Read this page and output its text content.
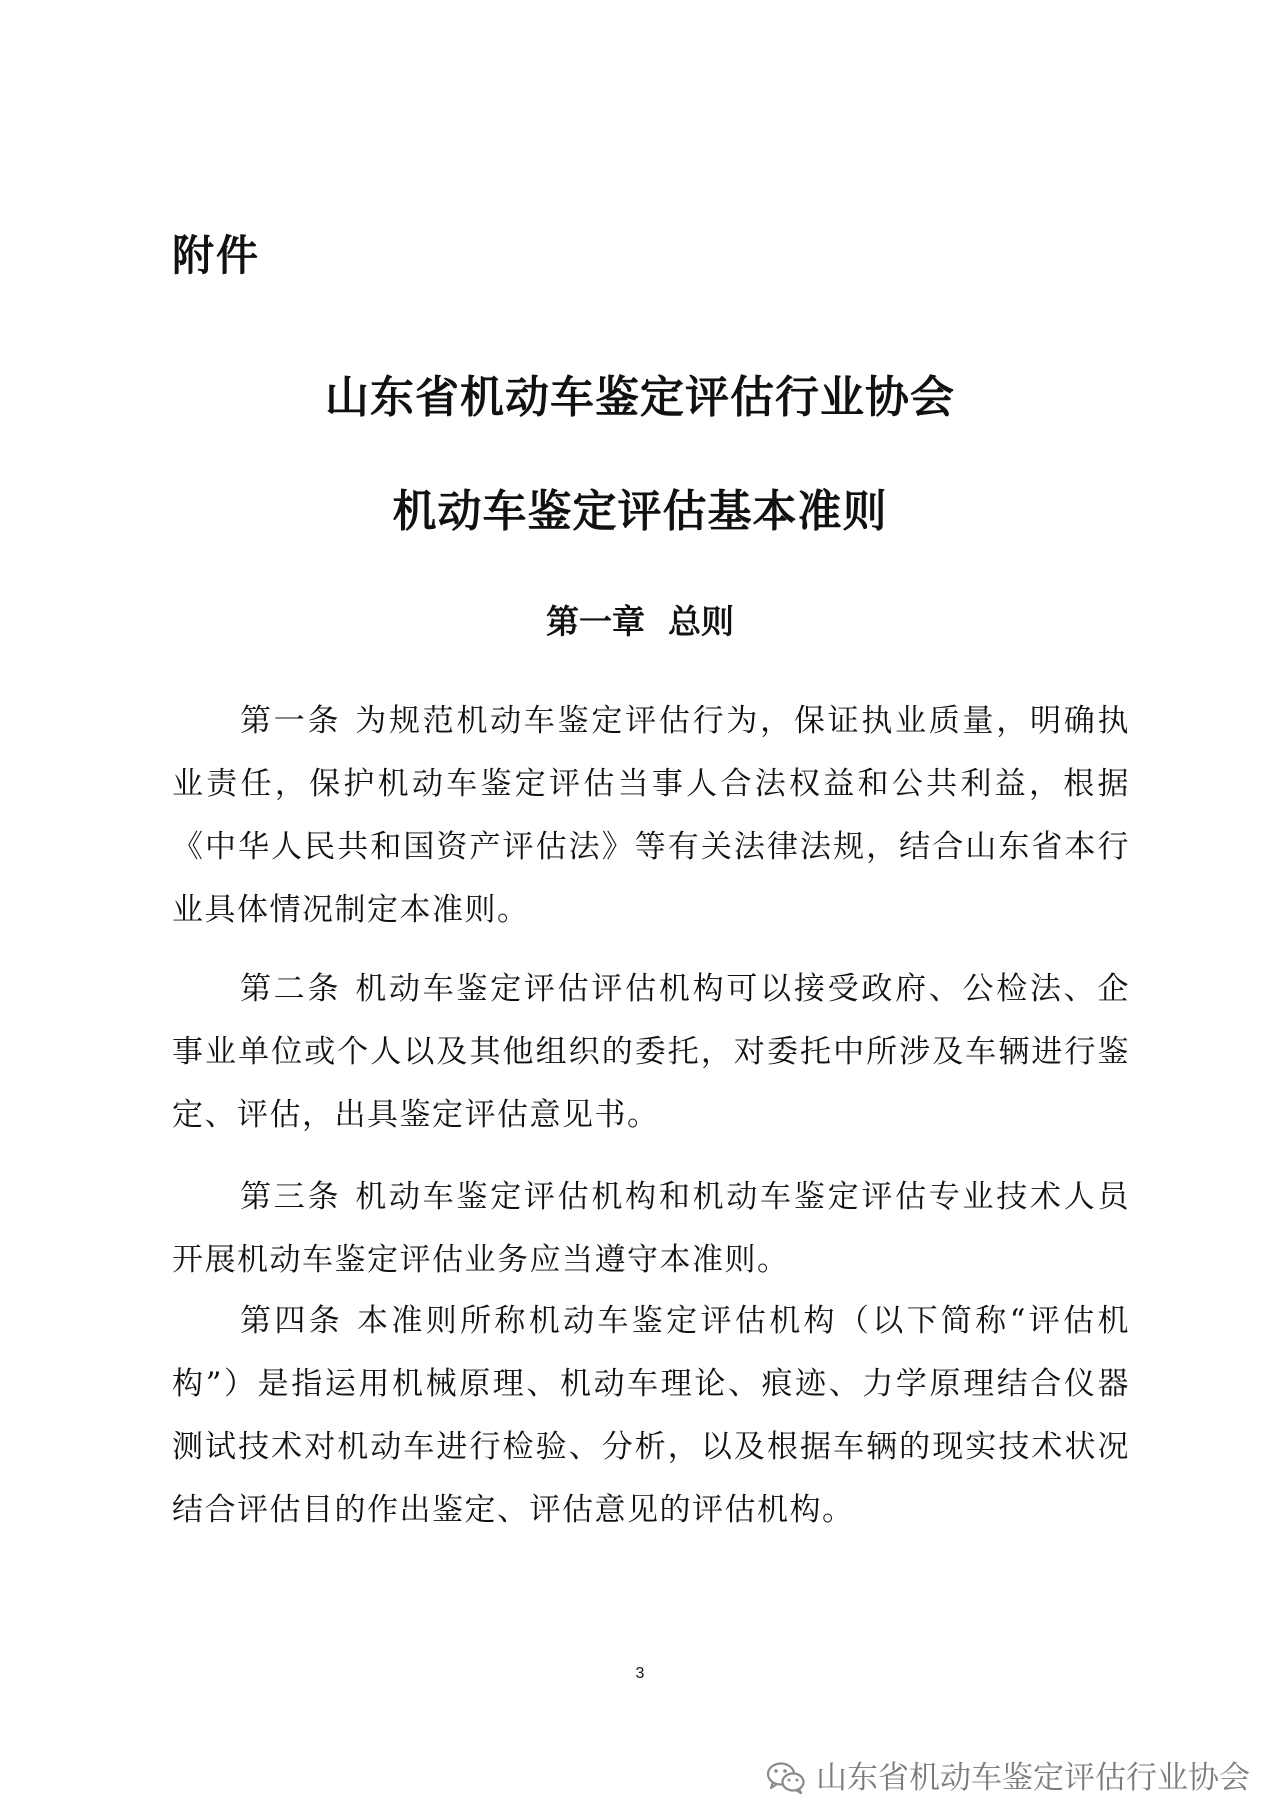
附件
山东省机动车鉴定评估行业协会
机动车鉴定评估基本准则
第一章  总则

第一条 为规范机动车鉴定评估行为，保证执业质量，明确执业责任，保护机动车鉴定评估当事人合法权益和公共利益，根据《中华人民共和国资产评估法》等有关法律法规，结合山东省本行业具体情况制定本准则。

第二条 机动车鉴定评估评估机构可以接受政府、公检法、企事业单位或个人以及其他组织的委托，对委托中所涉及车辆进行鉴定、评估，出具鉴定评估意见书。

第三条 机动车鉴定评估机构和机动车鉴定评估专业技术人员开展机动车鉴定评估业务应当遵守本准则。

第四条 本准则所称机动车鉴定评估机构（以下简称“评估机构”）是指运用机械原理、机动车理论、痕迹、力学原理结合仪器测试技术对机动车进行检验、分析，以及根据车辆的现实技术状况结合评估目的作出鉴定、评估意见的评估机构。

3
山东省机动车鉴定评估行业协会
